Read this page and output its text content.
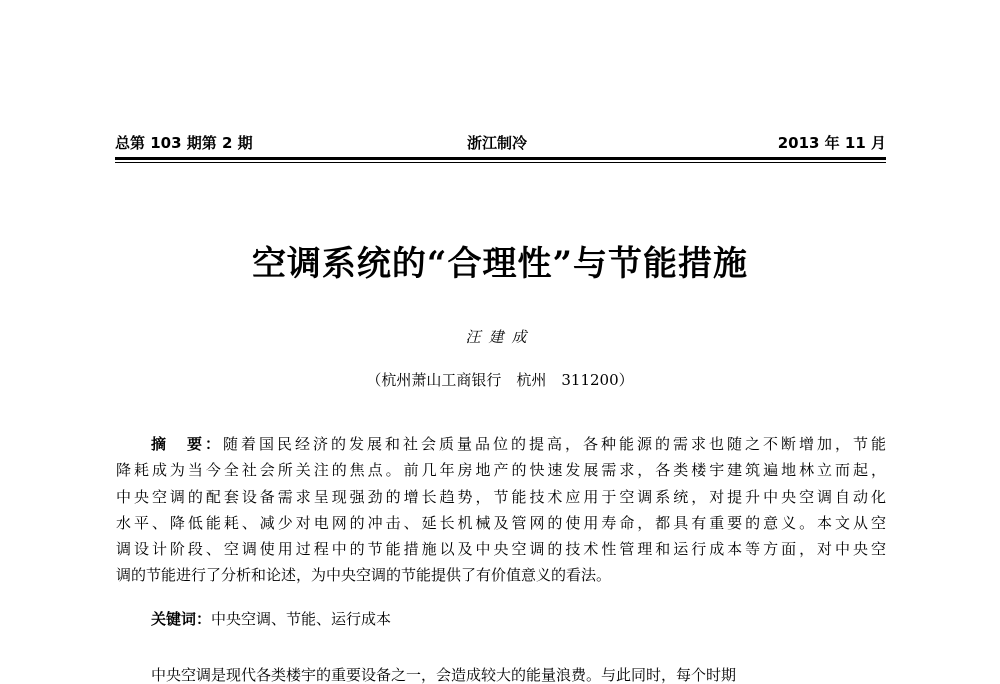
总第 103 期第 2 期	浙江制冷	2013 年 11 月
空调系统的“合理性”与节能措施
汪建成
（杭州萧山工商银行　杭州　311200）
摘　要：随着国民经济的发展和社会质量品位的提高，各种能源的需求也随之不断增加，节能
降耗成为当今全社会所关注的焦点。前几年房地产的快速发展需求，各类楼宇建筑遍地林立而起，
中央空调的配套设备需求呈现强劲的增长趋势，节能技术应用于空调系统，对提升中央空调自动化
水平、降低能耗、减少对电网的冲击、延长机械及管网的使用寿命，都具有重要的意义。本文从空
调设计阶段、空调使用过程中的节能措施以及中央空调的技术性管理和运行成本等方面，对中央空
调的节能进行了分析和论述，为中央空调的节能提供了有价值意义的看法。
关键词：中央空调、节能、运行成本
中央空调是现代各类楼宇的重要设备之一，会造成较大的能量浪费。与此同时，每个时期
